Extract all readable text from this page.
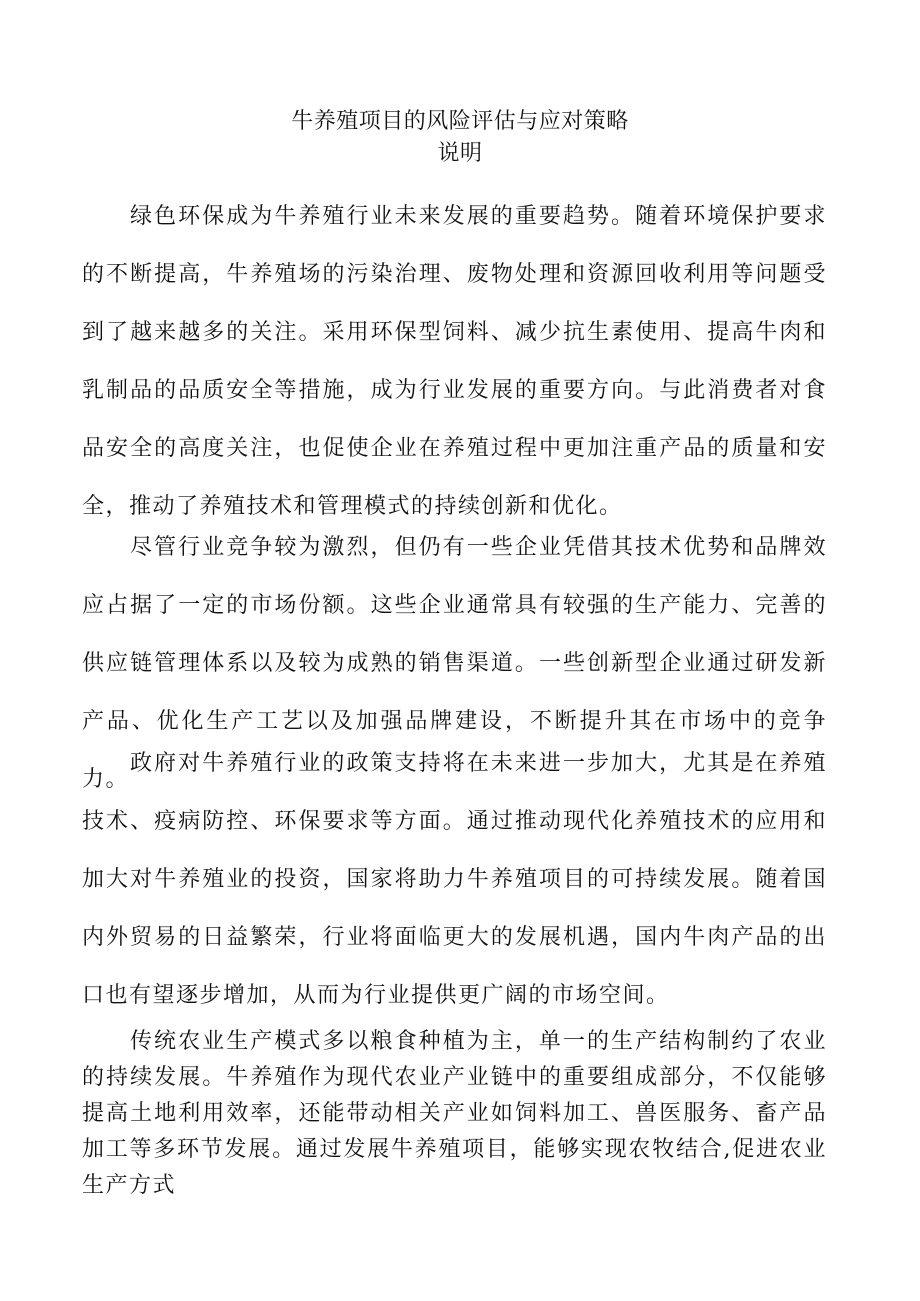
牛养殖项目的风险评估与应对策略
说明

绿色环保成为牛养殖行业未来发展的重要趋势。随着环境保护要求的不断提高，牛养殖场的污染治理、废物处理和资源回收利用等问题受到了越来越多的关注。采用环保型饲料、减少抗生素使用、提高牛肉和乳制品的品质安全等措施，成为行业发展的重要方向。与此消费者对食品安全的高度关注，也促使企业在养殖过程中更加注重产品的质量和安全，推动了养殖技术和管理模式的持续创新和优化。

尽管行业竞争较为激烈，但仍有一些企业凭借其技术优势和品牌效应占据了一定的市场份额。这些企业通常具有较强的生产能力、完善的供应链管理体系以及较为成熟的销售渠道。一些创新型企业通过研发新产品、优化生产工艺以及加强品牌建设，不断提升其在市场中的竞争力。

政府对牛养殖行业的政策支持将在未来进一步加大，尤其是在养殖技术、疫病防控、环保要求等方面。通过推动现代化养殖技术的应用和加大对牛养殖业的投资，国家将助力牛养殖项目的可持续发展。随着国内外贸易的日益繁荣，行业将面临更大的发展机遇，国内牛肉产品的出口也有望逐步增加，从而为行业提供更广阔的市场空间。

传统农业生产模式多以粮食种植为主，单一的生产结构制约了农业的持续发展。牛养殖作为现代农业产业链中的重要组成部分，不仅能够提高土地利用效率，还能带动相关产业如饲料加工、兽医服务、畜产品加工等多环节发展。通过发展牛养殖项目，能够实现农牧结合,促进农业生产方式
